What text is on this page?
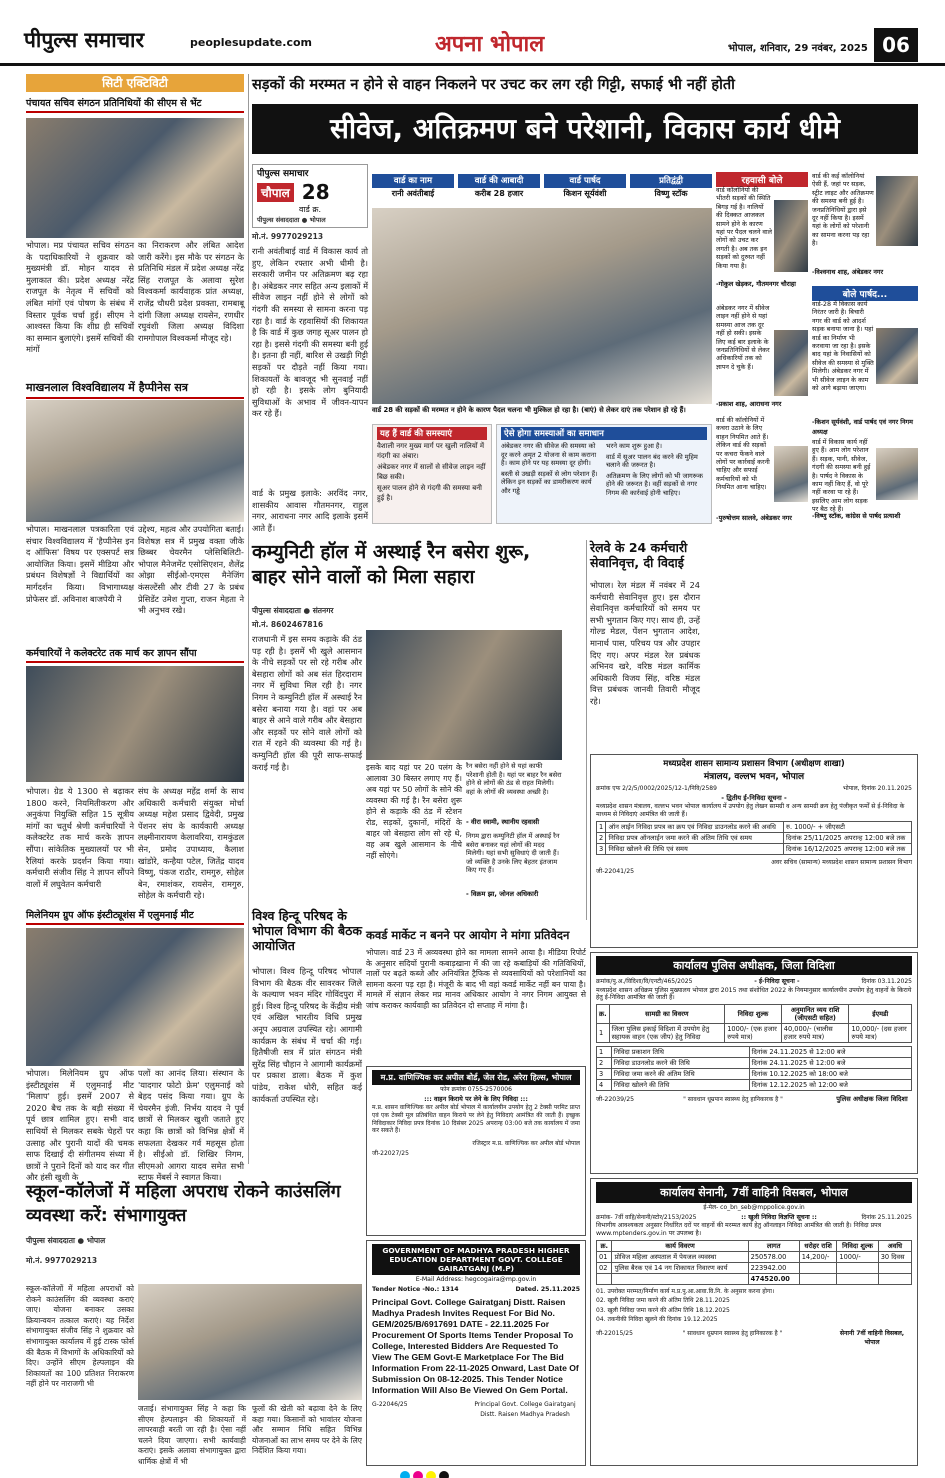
पीपुल्स समाचार	peoplesupdate.com	अपना भोपाल	भोपाल, शनिवार, 29 नवंबर, 2025 06
सिटी एक्टिविटी
पंचायत सचिव संगठन प्रतिनिधियों की सीएम से भेंट
भोपाल। मप्र पंचायत सचिव संगठन के पदाधिकारियों ने शुक्रवार को मुख्यमंत्री डॉ. मोहन यादव से मुलाकात की। प्रदेश अध्यक्ष नरेंद्र राजपूत के नेतृत्व में सचिवों को लंबित मांगों एवं पोषण के संबंध में विस्तार पूर्वक चर्चा हुई। सीएम ने आश्वस्त किया कि शीघ्र ही सचिवों का सम्मान बुलाएंगे। इसमें सचिवों की मांगों
का निराकरण और लंबित आदेश जारी करेंगे। इस मौके पर संगठन के प्रतिनिधि मंडल में प्रदेश अध्यक्ष नरेंद्र सिंह राजपूत के अलावा सुरेश विश्वकर्मा कार्यवाहक प्रांत अध्यक्ष, राजेंद्र चौधरी प्रदेश प्रवक्ता, रामबाबू दांगी जिला अध्यक्ष रायसेन, रणधीर रघुवंशी जिला अध्यक्ष विदिशा रामगोपाल विश्वकर्मा मौजूद रहे।
माखनलाल विश्वविद्यालय में हैप्पीनेस सत्र
भोपाल। माखनलाल पत्रकारिता एवं संचार विश्वविद्यालय में 'हैप्पीनेस इन द ऑफिस' विषय पर एक्सपर्ट सत्र आयोजित किया। इसमें मीडिया और प्रबंधन विशेषज्ञों ने विद्यार्थियों का मार्गदर्शन किया। विभागाध्यक्ष प्रोफेसर डॉ. अविनाश बाजपेयी ने
उद्देश्य, महत्व और उपयोगिता बताई। विशेषज्ञ सत्र में प्रमुख वक्ता जीके छिब्बर चेयरमैन प्लेसिबिलिटी-भोपाल मैनेजमेंट एसोसिएशन, शैलेंद्र ओझा सीईओ-एमएस मैनेजिंग कंसल्टेंसी और टीवी 27 के प्रबंध प्रेसिडेंट उमेश गुप्ता, राजन मेहता ने भी अनुभव रखे।
कर्मचारियों ने कलेक्टरेट तक मार्च कर ज्ञापन सौंपा
भोपाल। ग्रेड ये 1300 से बढ़ाकर 1800 करने, नियमितीकरण और अनुकंपा नियुक्ति सहित 15 सूत्रीय मांगों का चतुर्थ श्रेणी कर्मचारियों ने कलेक्टरेट तक मार्च करके ज्ञापन सौंपा। सांकेतिक मुख्यालयों पर भी रैलियां करके प्रदर्शन किया गया। कर्मचारी संजीव सिंह ने ज्ञापन सौंपने वालों में लघुवेतन कर्मचारी
संघ के अध्यक्ष महेंद्र शर्मा के साथ अधिकारी कर्मचारी संयुक्त मोर्चा अध्यक्ष महेश प्रसाद द्विवेदी, प्रमुख पेंशनर संघ के कार्यकारी अध्यक्ष लक्ष्मीनारायण केलावरिया, रामकुंडल सेन, प्रमोद उपाध्याय, कैलाश खांडोरे, कन्हैया पटेल, जितेंद्र यादव विष्णु, पंकज राठौर, रामगुरु, सोहेल बेन, रमाशंकर, रायसेन, रामगुरु, सोहेल के कर्मचारी रहे।
मिलेनियम ग्रुप ऑफ इंस्टीट्यूशंस में एलुमनाई मीट
भोपाल। मिलेनियम ग्रुप ऑफ इंस्टीट्यूशंस में एलुमनाई मीट 'मिलाप' हुई। इसमें 2007 से 2020 बैच तक के बड़ी संख्या में पूर्व छात्र शामिल हुए। सभी वाद साथियों से मिलकर सबके चेहरों पर उत्साह और पुरानी यादों की चमक साफ दिखाई दी संगीतमय संध्या में छात्रों ने पुराने दिनों को याद कर गीत और हंसी खुशी के
पलों का आनंद लिया। संस्थान के 'यादगार फोटो फ्रेम' एलुमनाई को बेहद पसंद किया गया। ग्रुप के चेयरमैन इंजी. निर्भय यादव ने पूर्व छात्रों से मिलकर खुशी जताते हुए कहा कि छात्रों को विभिन्न क्षेत्रों में सफलता देखकर गर्व महसूस होता है। सीईओ डॉ. शिखिर निगम, सीएमओ आगरा यादव समेत सभी स्टाफ मेंबर्स ने स्वागत किया।
सड़कों की मरम्मत न होने से वाहन निकलने पर उचट कर लग रही गिट्टी, सफाई भी नहीं होती
सीवेज, अतिक्रमण बने परेशानी, विकास कार्य धीमे
पीपुल्स समाचार
चौपाल 28
वार्ड क्र.
पीपुल्स संवाददाता ● भोपाल
मो.नं. 9977029213
वार्ड का नाम
रानी अवंतीबाई
वार्ड की आबादी
करीब 28 हजार
वार्ड पार्षद
किशन सूर्यवंशी
प्रतिद्वंद्वी
विष्णु स्टॉक
रानी अवंतीबाई वार्ड में विकास कार्य तो हुए, लेकिन रफ्तार अभी धीमी है। सरकारी जमीन पर अतिक्रमण बढ़ रहा है। अंबेडकर नगर सहित अन्य इलाकों में सीवेज लाइन नहीं होने से लोगों को गंदगी की समस्या से सामना करना पड़ रहा है। वार्ड के रहवासियों की शिकायत है कि वार्ड में कुछ जगह सूअर पालन हो रहा है। इससे गंदगी की समस्या बनी हुई है। इतना ही नहीं, बारिश से उखड़ी गिट्टी सड़कों पर दौड़ते नहीं किया गया। शिकायतों के बावजूद भी सुनवाई नहीं हो रही है। इसके लोग बुनियादी सुविधाओं के अभाव में जीवन-यापन कर रहे हैं।
वार्ड के प्रमुख इलाके: अरविंद नगर, शासकीय आवास गौतमनगर, राहुल नगर, आराधना नगर आदि इलाके इसमें आते हैं।
वार्ड 28 की सड़कों की मरम्मत न होने के कारण पैदल चलना भी मुश्किल हो रहा है। (बाएं) से लेकर दाएं तक परेशान हो रहे हैं।
यह हैं वार्ड की समस्याएं
वैशाली नगर मुख्य मार्ग पर खुली नालियों में गंदगी का अंबार।
अंबेडकर नगर में सालों से सीवेज लाइन नहीं बिछ सकी।
सूअर पालन होने से गंदगी की समस्या बनी हुई है।
ऐसे होगा समस्याओं का समाधान
अंबेडकर नगर की सीवेज की समस्या को दूर करने अमृत 2 योजना से काम कराना है। काम होने पर यह समस्या दूर होगी।
बस्ती से उखड़ी सड़कों से लोग परेशान हैं। लेकिन इन सड़कों का डामरीकरण कार्य और गड्ढे
भरने काम शुरू हुआ है।
वार्ड में सूअर पालन बंद करने की मुहिम चलाने की जरूरत है।
अतिक्रमण के लिए लोगों को भी जागरूक होने की जरूरत है। वहीं सड़कों से नगर निगम की कार्रवाई होनी चाहिए।
रहवासी बोले
वार्ड कॉलोनियों की भीतरी सड़कों की स्थिति बिगड़ गई है। नालियों की दिक्कत आजकल सामने होने के कारण यहां पर पैदल चलने वाले लोगों को उचट कर लगती है। अब तक इन सड़कों को दुरुस्त नहीं किया गया है।
-गोकुल खेड़कर, गौतमनगर चौराहा
अंबेडकर नगर में सीवेज लाइन नहीं होने से यहां समस्या आज तक दूर नहीं हो सकी। इसके लिए कई बार इलाके के जनप्रतिनिधियों से लेकर अधिकारियों तक को ज्ञापन दे चुके हैं।
-प्रकाश शाह, आराधना नगर
वार्ड की कॉलोनियों में कचरा उठाने के लिए वाहन नियमित आते हैं। लेकिन वार्ड की सड़कों पर कचरा फेंकने वाले लोगों पर कार्रवाई करनी चाहिए और सफाई कर्मचारियों को भी नियमित आना चाहिए।
-पुरुषोत्तम सालवे, अंबेडकर नगर
वार्ड की कई कॉलोनियां ऐसी हैं, जहां पर सड़क, स्ट्रीट लाइट और अतिक्रमण की समस्या बनी हुई है। जनप्रतिनिधियों द्वारा इसे दूर नहीं किया है। इसमें यहां के लोगों को परेशानी का सामना करना पड़ रहा है।
-विश्वनाथ शाह, अंबेडकर नगर
बोले पार्षद...
वार्ड-28 में विकास कार्य निरंतर जारी है। बिचारी नगर की वार्ड को आदर्श सड़क बनाया जाना है। यहां वार्ड का निर्माण भी करवाया जा रहा है। इसके बाद यहां के निवासियों को सीवेज की समस्या से मुक्ति मिलेगी। अंबेडकर नगर में भी सीवेज लाइन के काम को आगे बढ़ाया जाएगा।
-किशन सूर्यवंशी, वार्ड पार्षद एवं नगर निगम अध्यक्ष
वार्ड में विकास कार्य नहीं हुए हैं। आम लोग परेशान हैं। सड़क, पानी, सीवेज, गंदगी की समस्या बनी हुई है। पार्षद ने विकास के काम नहीं किए हैं, वो पूरे नहीं करवा पा रहे हैं। इसलिए आम लोग सड़क पर बैठ रहे हैं।
-विष्णु स्टॉक, कांग्रेस से पार्षद प्रत्याशी
कम्युनिटी हॉल में अस्थाई रैन बसेरा शुरू, बाहर सोने वालों को मिला सहारा
पीपुल्स संवाददाता ● संतनगर
मो.नं. 8602467816
राजधानी में इस समय कड़ाके की ठंड पड़ रही है। इसमें भी खुले आसमान के नीचे सड़कों पर सो रहे गरीब और बेसहारा लोगों को अब संत हिरदाराम नगर में सुविधा मिल रही है। नगर निगम ने कम्युनिटी हॉल में अस्थाई रैन बसेरा बनाया गया है। वहां पर अब बाहर से आने वाले गरीब और बेसहारा और सड़कों पर सोने वाले लोगों को रात में रहने की व्यवस्था की गई है। कम्युनिटी हॉल की पूरी साफ-सफाई कराई गई है।	इसके बाद यहां पर 20 पलंग के आलावा 30 बिस्तर लगाए गए हैं। अब यहां पर 50 लोगों के सोने की व्यवस्था की गई है। रैन बसेरा शुरू होने से कड़ाके की ठंड में स्टेशन रोड, सड़कों, दुकानों, मंदिरों के बाहर जो बेसहारा लोग सो रहे थे, वह अब खुले आसमान के नीचे नहीं सोएंगे।
रैन बसेरा नहीं होने से यहां काफी परेशानी होती है। यहां पर बाहर रैन बसेरा होने से लोगों की ठंड से राहत मिलेगी। वहां के लोगों की व्यवस्था अच्छी है।
- वीरा स्वामी, स्थानीय रहवासी
निगम द्वारा कम्युनिटी हॉल में अस्थाई रैन बसेरा बनाकर यहां लोगों की मदद मिलेगी। यहां सभी सुविधाएं दी जाती हैं। जो व्यक्ति है उनके लिए बेहतर इंतजाम किए गए हैं।
- विक्रम झा, जोनल अधिकारी
विश्व हिन्दू परिषद के भोपाल विभाग की बैठक आयोजित
भोपाल। विश्व हिन्दू परिषद भोपाल विभाग की बैठक वीर सावरकर जिले के कल्याण भवन मंदिर गोविंदपुरा में हुई। विश्व हिन्दू परिषद के केंद्रीय मंत्री एवं अखिल भारतीय विधि प्रमुख अनूप अग्रवाल उपस्थित रहे। आगामी कार्यक्रम के संबंध में चर्चा की गई। हितैषीजी सत्र में प्रांत संगठन मंत्री सुरेंद्र सिंह चौहान ने आगामी कार्यक्रमों पर प्रकाश डाला। बैठक में कुश पांडेय, राकेश धोरी, सहित कई कार्यकर्ता उपस्थित रहे।
कवर्ड मार्केट न बनने पर आयोग ने मांगा प्रतिवेदन
भोपाल। वार्ड 23 में अव्यवस्था होने का मामला सामने आया है। मीडिया रिपोर्ट के अनुसार सदियों पुरानी कबाड़खाना में की जा रहे कबाड़ियों की गतिविधियों, नालों पर बढ़ते कब्जे और अनियंत्रित ट्रैफिक से व्यवसायियों को परेशानियों का सामना करना पड़ रहा है। मंजूरी के बाद भी वहां कवर्ड मार्केट नहीं बन पाया है। मामले में संज्ञान लेकर मप्र मानव अधिकार आयोग ने नगर निगम आयुक्त से जांच कराकर कार्यवाही का प्रतिवेदन दो सप्ताह में मांगा है।
रेलवे के 24 कर्मचारी सेवानिवृत्त, दी विदाई
भोपाल। रेल मंडल में नवंबर में 24 कर्मचारी सेवानिवृत्त हुए। इस दौरान सेवानिवृत्त कर्मचारियों को समय पर सभी भुगतान किए गए। साथ ही, उन्हें गोल्ड मेडल, पेंशन भुगतान आदेश, मानार्थ पास, परिचय पत्र और उपहार दिए गए। अपर मंडल रेल प्रबंधक अभिनव खरे, वरिष्ठ मंडल कार्मिक अधिकारी विजय सिंह, वरिष्ठ मंडल वित्त प्रबंधक जानवी तिवारी मौजूद रहे।
मध्यप्रदेश शासन सामान्य प्रशासन विभाग (अधीक्षण शाखा)
मंत्रालय, वल्लभ भवन, भोपाल
क्रमांक एफ 2/2/5/0002/2025/12-1/निवि/2589	भोपाल, दिनांक 20.11.2025
- द्वितीय ई-निविदा सूचना -
मध्यप्रदेश शासन मंत्रालय, वल्लभ भवन भोपाल कार्यालय में उपयोग हेतु लेखन सामग्री व अन्य सामग्री क्रय हेतु पंजीकृत फर्मों से ई-निविदा के माध्यम से निविदाएं आमंत्रित की जाती हैं।
1	ऑन लाईन निविदा प्रपत्र का क्रय एवं निविदा डाउनलोड करने की अवधि	रु. 1000/- + जीएसटी
2	निविदा प्रपत्र ऑनलाईन जमा करने की अंतिम तिथि एवं समय	दिनांक 25/11/2025 अपरान्ह 12:00 बजे तक
3	निविदा खोलने की तिथि एवं समय	दिनांक 16/12/2025 अपरान्ह 12:00 बजे तक
अवर सचिव (सामान्य) मध्यप्रदेश शासन सामान्य प्रशासन विभाग
जी-22041/25
कार्यालय पुलिस अधीक्षक, जिला विदिशा
क्रमांक/पु.अ./विदिशा/वि/एनटी/465/2025	- ई-निविदा सूचना -	दिनांक 03.11.2025
मध्यप्रदेश शासन अधिक्रम पुलिस मुख्यालय भोपाल द्वारा 2015 तथा संशोधित 2022 के नियमानुसार कार्यालयीन उपयोग हेतु वाहनों के किराये हेतु ई-निविदा आमंत्रित की जाती है।
क्र.	सामग्री का विवरण	निविदा शुल्क	अनुमानित व्यय राशि (जीएसटी सहित)	ईएमडी
1	जिला पुलिस इकाई विदिशा में उपयोग हेतु सहायक वाहन (एक जीप) हेतु निविदा	1000/- (एक हजार रुपये मात्र)	40,000/- (चालीस हजार रुपये मात्र)	10,000/- (दस हजार रुपये मात्र)
1	निविदा प्रकाशन तिथि	दिनांक 24.11.2025 से 12:00 बजे
2	निविदा डाउनलोड करने की तिथि	दिनांक 24.11.2025 से 12:00 बजे
3	निविदा जमा करने की अंतिम तिथि	दिनांक 10.12.2025 को 18:00 बजे
4	निविदा खोलने की तिथि	दिनांक 12.12.2025 को 12:00 बजे
जी-22039/25	" सावधान धूम्रपान स्वास्थ्य हेतु हानिकारक है "	पुलिस अधीक्षक जिला विदिशा
म.प्र. वाणिज्यिक कर अपील बोर्ड, जेल रोड, अरेरा हिल्स, भोपाल
फोन क्रमांक 0755-2570006
::: वाहन किराये पर लेने के लिए निविदा :::
म.प्र. शासन वाणिज्यिक कर अपील बोर्ड भोपाल में कार्यालयीन उपयोग हेतु 2 टेक्सी परमिट प्राप्त एवं एक टेक्सी मूल प्रतिबंधित वाहन किराये पर लेने हेतु निविदाएं आमंत्रित की जाती हैं। इच्छुक निविदाकार निविदा प्रपत्र दिनांक 10 दिसंबर 2025 अपरान्ह 03:00 बजे तक कार्यालय में जमा कर सकते हैं।
रजिस्ट्रार म.प्र. वाणिज्यिक कर अपील बोर्ड भोपाल
जी-22027/25
GOVERNMENT OF MADHYA PRADESH HIGHER EDUCATION DEPARTMENT GOVT. COLLEGE GAIRATGANJ (M.P)
E-Mail Address: hegcogaira@mp.gov.in
Tender Notice -No.: 1314	Dated. 25.11.2025
Principal Govt. College Gairatganj Distt. Raisen Madhya Pradesh Invites Request For Bid No. GEM/2025/B/6917691 DATE - 22.11.2025 For Procurement Of Sports Items Tender Proposal To College, Interested Bidders Are Requested To View The GEM Govt-E Marketplace For The Bid Information From 22-11-2025 Onward, Last Date Of Submission On 08-12-2025. This Tender Notice Information Will Also Be Viewed On Gem Portal.
G-22046/25	Principal Govt. College Gairatganj Distt. Raisen Madhya Pradesh
कार्यालय सेनानी, 7वीं वाहिनी विसबल, भोपाल
ई-मेल- co_bn_seb@mppolice.gov.in
क्रमांक- 7वीं वाहि/सेनानी/स्टोर/2153/2025	:: खुली निविदा विज्ञप्ति सूचना ::	दिनांक 25.11.2025
विभागीय आवश्यकता अनुसार निर्धारित दरों पर वाहनों की मरम्मत कार्य हेतु ऑनलाइन निविदा आमंत्रित की जाती है। निविदा प्रपत्र www.mptenders.gov.in पर उपलब्ध है।
क्र.	कार्य विवरण	लागत	धरोहर राशि	निविदा शुल्क	अवधि
01	प्रोविज महिला अस्पताल में पेयजल व्यवस्था	250578.00	14,200/-	1000/-	30 दिवस
02	पुलिस बैरक एवं 14 नग शिकायत निवारण कार्य	223942.00			
		474520.00			
01. उपरोक्त मरम्मत/निर्माण कार्य म.प्र.पु.आ.आवा.वि.नि. के अनुसार करना होगा।
02. खुली निविदा जमा करने की अंतिम तिथि 28.11.2025
03. खुली निविदा जमा करने की अंतिम तिथि 18.12.2025
04. तकनीकी निविदा खुलने की दिनांक 19.12.2025
जी-22015/25	" सावधान धूम्रपान स्वास्थ्य हेतु हानिकारक है "	सेनानी 7वीं वाहिनी विसबल, भोपाल
स्कूल-कॉलेजों में महिला अपराध रोकने काउंसलिंग व्यवस्था करें: संभागायुक्त
पीपुल्स संवाददाता ● भोपाल
मो.नं. 9977029213
स्कूल-कॉलेजों में महिला अपराधों को रोकने काउंसलिंग की व्यवस्था कराएं जाए। योजना बनाकर उसका क्रियान्वयन तत्काल कराएं। यह निर्देश संभागायुक्त संजीव सिंह ने शुक्रवार को संभागायुक्त कार्यालय में हुई टास्क फोर्स की बैठक में विभागों के अधिकारियों को दिए। उन्होंने सीएम हेल्पलाइन की शिकायतों का 100 प्रतिशत निराकरण नहीं होने पर नाराजगी भी
जताई। संभागायुक्त सिंह ने कहा कि सीएम हेल्पलाइन की शिकायतों में लापरवाही बरती जा रही है। ऐसा नहीं चलने दिया जाएगा। सभी कार्यवाही कराएं। इसके अलावा संभागायुक्त द्वारा धार्मिक क्षेत्रों में भी
फूलों की खेती को बढ़ावा देने के लिए कहा गया। किसानों को भावांतर योजना और सम्मान निधि सहित विभिन्न योजनाओं का लाभ समय पर देने के लिए निर्देशित किया गया।
